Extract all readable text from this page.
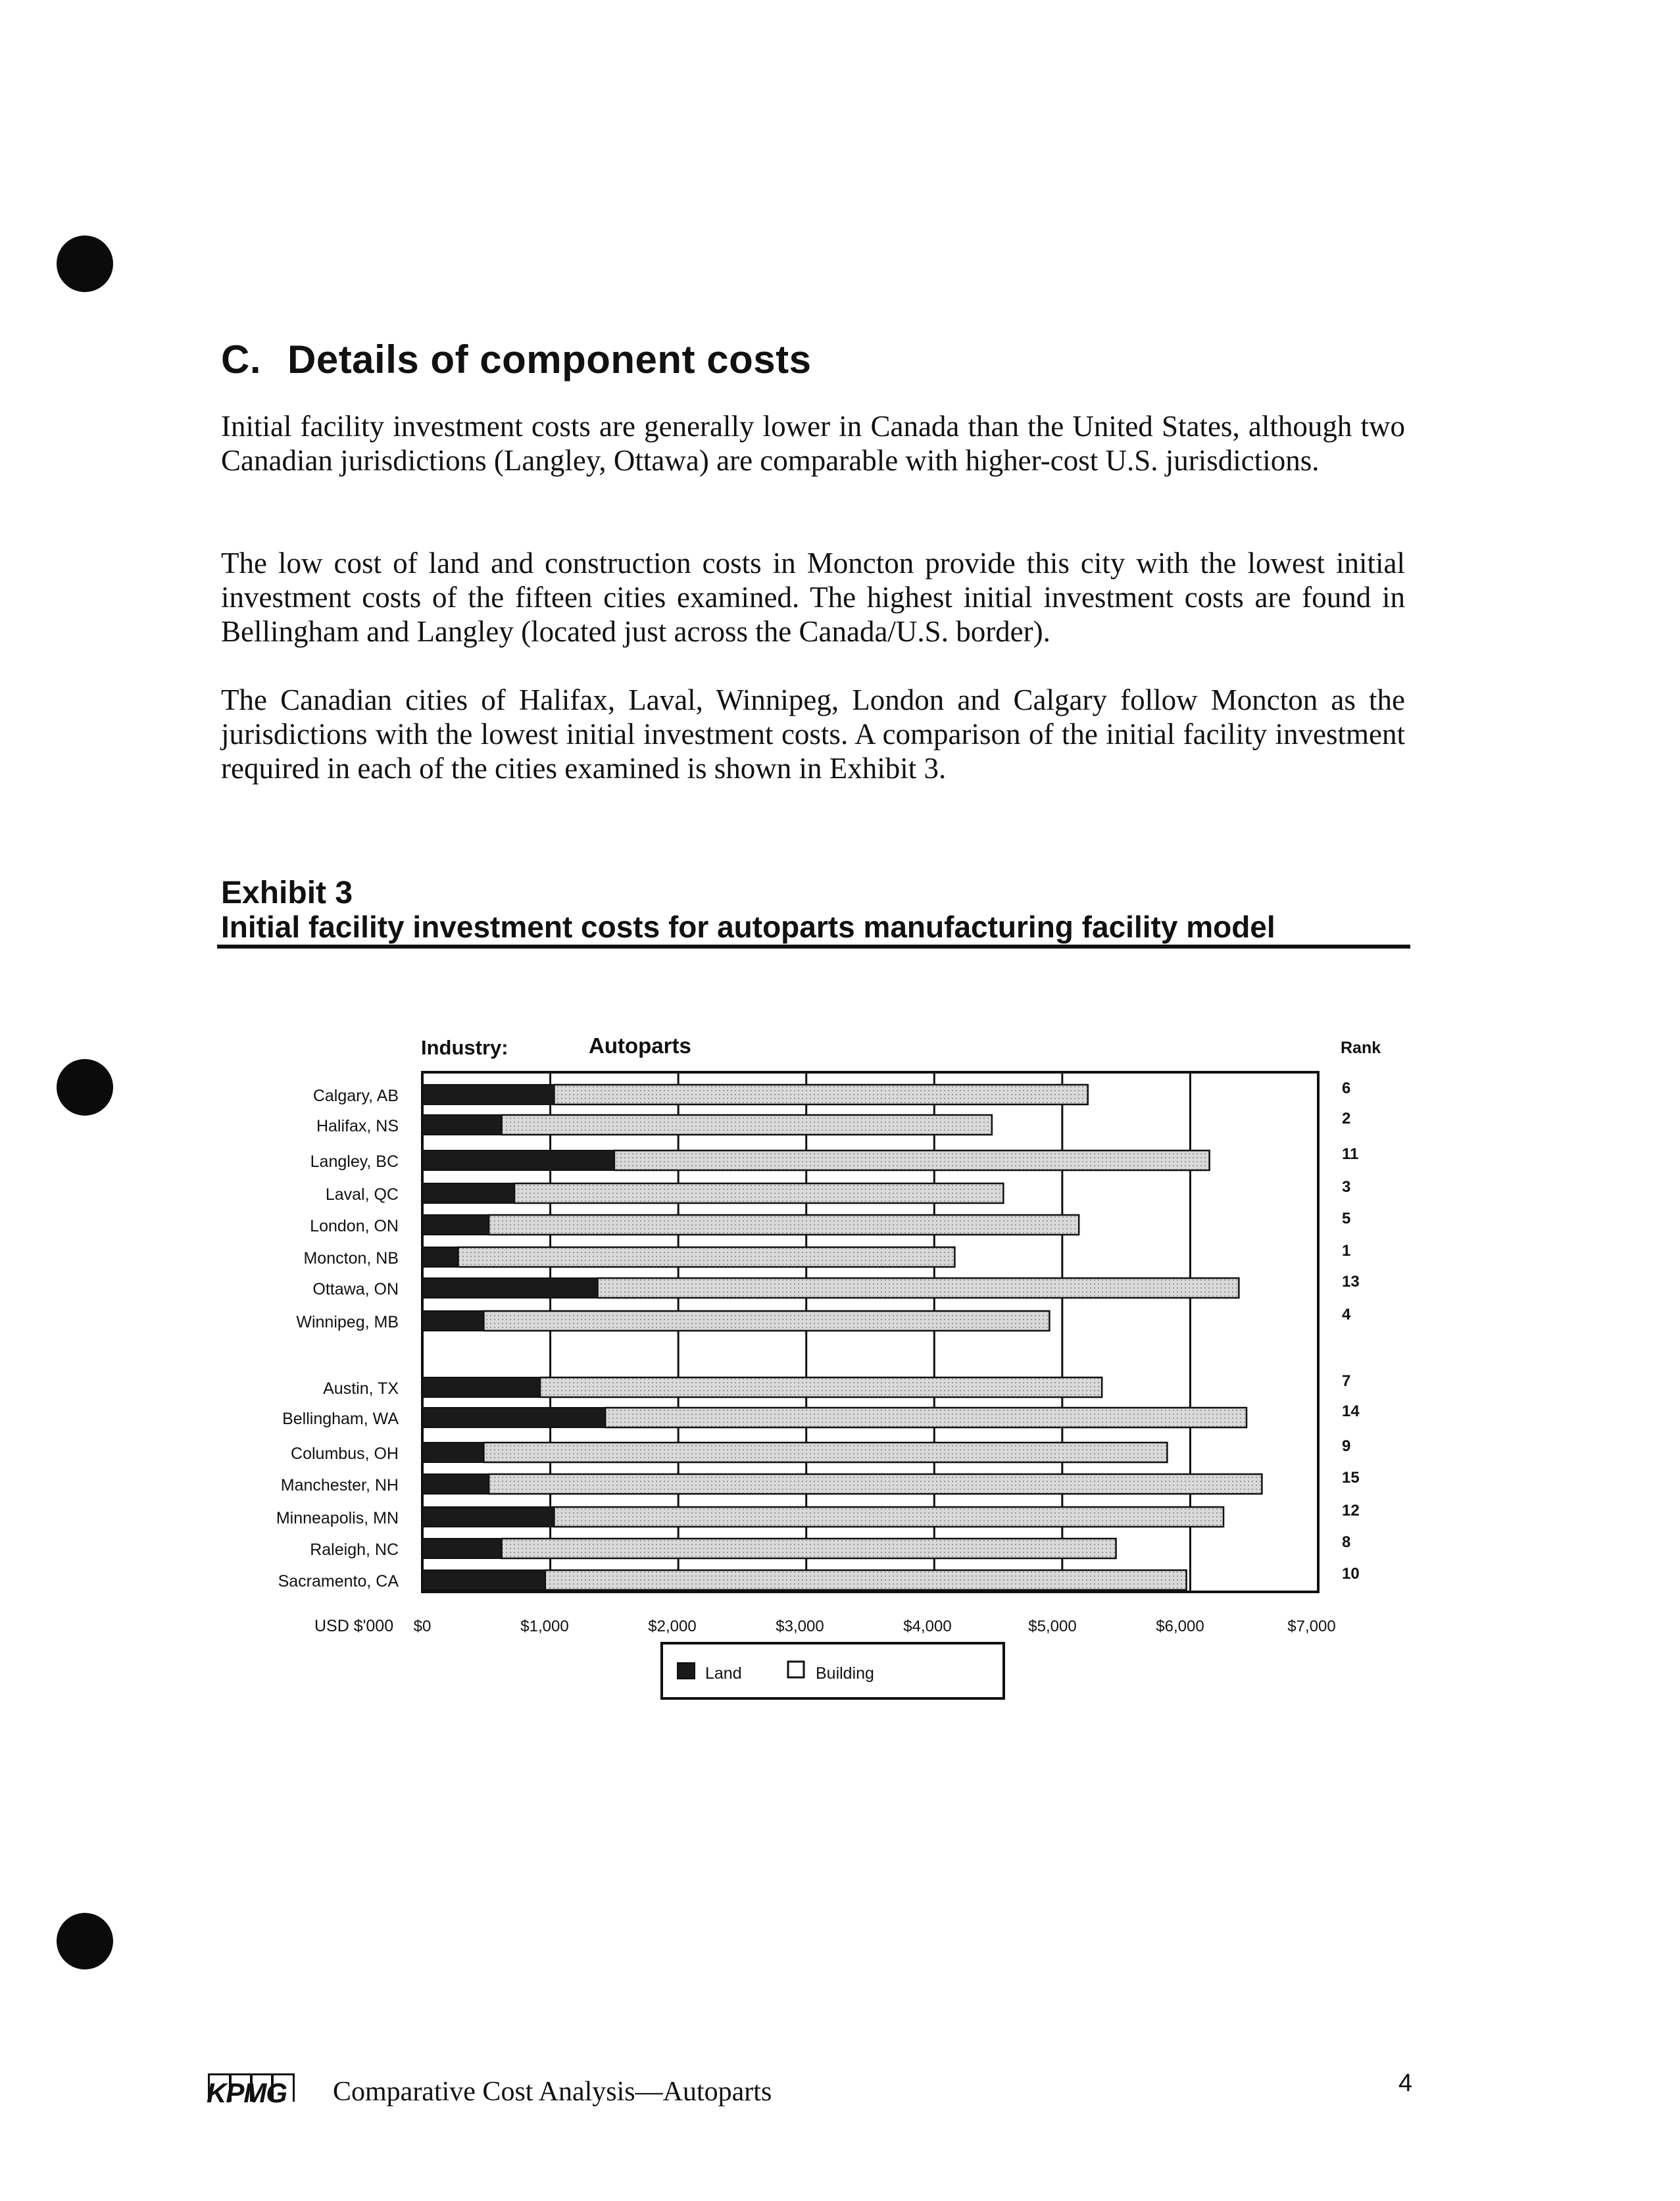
C. Details of component costs

Initial facility investment costs are generally lower in Canada than the United States, although two Canadian jurisdictions (Langley, Ottawa) are comparable with higher-cost U.S. jurisdictions.

The low cost of land and construction costs in Moncton provide this city with the lowest initial investment costs of the fifteen cities examined. The highest initial investment costs are found in Bellingham and Langley (located just across the Canada/U.S. border).

The Canadian cities of Halifax, Laval, Winnipeg, London and Calgary follow Moncton as the jurisdictions with the lowest initial investment costs. A comparison of the initial facility investment required in each of the cities examined is shown in Exhibit 3.

Exhibit 3
Initial facility investment costs for autoparts manufacturing facility model
Industry:	Autoparts	Rank
Calgary, AB	6
Halifax, NS	2
Langley, BC	11
Laval, QC	3
London, ON	5
Moncton, NB	1
Ottawa, ON	13
Winnipeg, MB	4
Austin, TX	7
Bellingham, WA	14
Columbus, OH	9
Manchester, NH	15
Minneapolis, MN	12
Raleigh, NC	8
Sacramento, CA	10
USD $'000 $0	$1,000	$2,000	$3,000	$4,000	$5,000	$6,000	$7,000
Land	Building
KPMG Comparative Cost Analysis—Autoparts	4
